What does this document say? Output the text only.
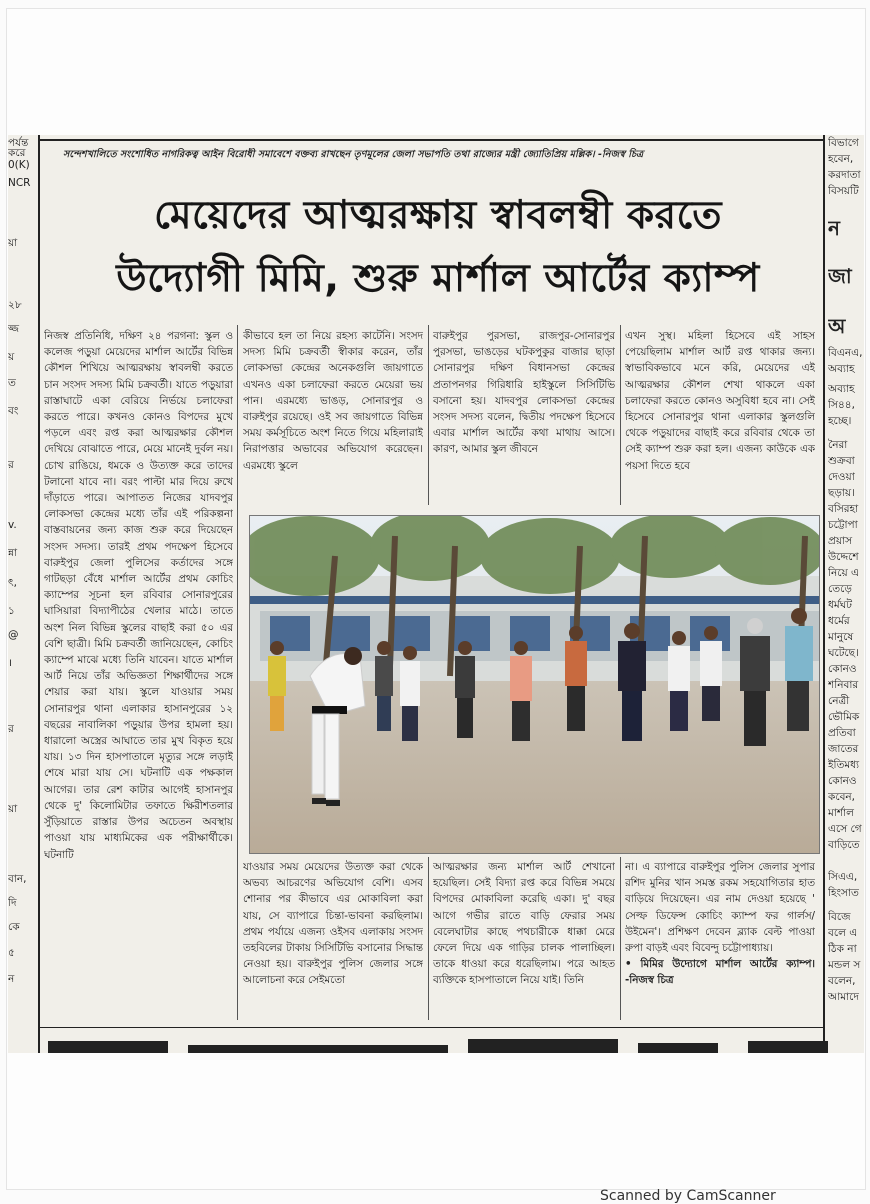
সন্দেশখালিতে সংশোধিত নাগরিকত্ব আইন বিরোধী সমাবেশে বক্তব্য রাখছেন তৃণমূলের জেলা সভাপতি তথা রাজ্যের মন্ত্রী জ্যোতিপ্রিয় মল্লিক। -নিজস্ব চিত্র
মেয়েদের আত্মরক্ষায় স্বাবলম্বী করতে
উদ্যোগী মিমি, শুরু মার্শাল আর্টের ক্যাম্প
পর্যন্ত
করে
0(K)
NCR
য়া
২৮
জ্জ
য়
ত
বং
র
v.
ন্না
ৎ,
১
@
।
র
য়া
বান,
দি
কে
৫
ন
বিভাগে
হবেন,
করদাতা
বিসয়টি
ন
জা
অ
বিএনএ,
অব্যাহ
অব্যাহ
সি৪৪,
হচ্ছে।
নৈরা
শুক্রবা
দেওয়া
ছড়ায়।
বসিরহা
চট্টোপা
প্রয়াস
উদ্দেশে
নিয়ে এ
তেড়ে
ধর্মঘট
ধর্মের
মানুষে
ঘটেছে।
কোনও
শনিবার
নেত্রী
ভৌমিক
প্রতিবা
জাতের
ইতিমধ্য
কোনও
কবেন,
মার্শাল
এসে গে
বাড়িতে
সিএএ,
হিংসাত
বিজে
বলে এ
ঠিক না
মন্ডল স
বলেন,
আমাদে

নিজস্ব প্রতিনিধি, দক্ষিণ ২৪ পরগনা: স্কুল ও কলেজ পড়ুয়া মেয়েদের মার্শাল আর্টের বিভিন্ন কৌশল শিখিয়ে আত্মরক্ষায় স্বাবলম্বী করতে চান সংসদ সদস্য মিমি চক্রবর্তী। যাতে পড়ুয়ারা রাস্তাঘাটে একা বেরিয়ে নির্ভয়ে চলাফেরা করতে পারে। কখনও কোনও বিপদের মুখে পড়লে এবং রপ্ত করা আত্মরক্ষার কৌশল দেখিয়ে বোঝাতে পারে, মেয়ে মানেই দুর্বল নয়। চোখ রাঙিয়ে, ধমকে ও উত্যক্ত করে তাদের টলানো যাবে না। বরং পাল্টা মার দিয়ে রুখে দাঁড়াতে পারে। আপাতত নিজের যাদবপুর লোকসভা কেন্দ্রের মধ্যে তাঁর এই পরিকল্পনা বাস্তবায়নের জন্য কাজ শুরু করে দিয়েছেন সংসদ সদস্য। তারই প্রথম পদক্ষেপ হিসেবে বারুইপুর জেলা পুলিসের কর্তাদের সঙ্গে গাটছড়া বেঁধে মার্শাল আর্টের প্রথম কোচিং ক্যাম্পের সূচনা হল রবিবার সোনারপুরের ঘাসিয়ারা বিদ্যাপীঠের খেলার মাঠে। তাতে অংশ নিল বিভিন্ন স্কুলের বাছাই করা ৫০ এর বেশি ছাত্রী। মিমি চক্রবর্তী জানিয়েছেন, কোচিং ক্যাম্পে মাঝে মধ্যে তিনি যাবেন। যাতে মার্শাল আর্ট নিয়ে তাঁর অভিজ্ঞতা শিক্ষার্থীদের সঙ্গে শেয়ার করা যায়। স্কুলে যাওয়ার সময় সোনারপুর থানা এলাকার হাসানপুরের ১২ বছরের নাবালিকা পড়ুয়ার উপর হামলা হয়। ধারালো অস্ত্রের আঘাতে তার মুখ বিকৃত হয়ে যায়। ১৩ দিন হাসপাতালে মৃত্যুর সঙ্গে লড়াই শেষে মারা যায় সে। ঘটনাটি এক পক্ষকাল আগের। তার রেশ কাটার আগেই হাসানপুর থেকে দু' কিলোমিটার তফাতে ক্ষিরীশতলার সুঁড়িয়াতে রাস্তার উপর অচেতন অবস্থায় পাওয়া যায় মাধ্যমিকের এক পরীক্ষার্থীকে। ঘটনাটি

কীভাবে হল তা নিয়ে রহস্য কাটেনি। সংসদ সদস্য মিমি চক্রবর্তী স্বীকার করেন, তাঁর লোকসভা কেন্দ্রের অনেকগুলি জায়গাতে এখনও একা চলাফেরা করতে মেয়েরা ভয় পান। এরমধ্যে ভাঙড়, সোনারপুর ও বারুইপুর রয়েছে। ওই সব জায়গাতে বিভিন্ন সময় কর্মসূচিতে অংশ নিতে গিয়ে মহিলারাই নিরাপত্তার অভাবের অভিযোগ করেছেন। এরমধ্যে স্কুলে

বারুইপুর পুরসভা, রাজপুর-সোনারপুর পুরসভা, ভাঙড়ের ঘটকপুকুর বাজার ছাড়া সোনারপুর দক্ষিণ বিধানসভা কেন্দ্রের প্রতাপনগর গিরিধারি হাইস্কুলে সিসিটিভি বসানো হয়। যাদবপুর লোকসভা কেন্দ্রের সংসদ সদস্য বলেন, দ্বিতীয় পদক্ষেপ হিসেবে এবার মার্শাল আর্টের কথা মাথায় আসে। কারণ, আমার স্কুল জীবনে

এখন সুস্থ। মহিলা হিসেবে এই সাহস পেয়েছিলাম মার্শাল আর্ট রপ্ত থাকার জন্য। স্বাভাবিকভাবে মনে করি, মেয়েদের এই আত্মরক্ষার কৌশল শেখা থাকলে একা চলাফেরা করতে কোনও অসুবিধা হবে না। সেই হিসেবে সোনারপুর থানা এলাকার স্কুলগুলি থেকে পড়ুয়াদের বাছাই করে রবিবার থেকে তা সেই ক্যাম্প শুরু করা হল। এজন্য কাউকে এক পয়সা দিতে হবে

যাওয়ার সময় মেয়েদের উত্যক্ত করা থেকে অভব্য আচরণের অভিযোগ বেশি। এসব শোনার পর কীভাবে এর মোকাবিলা করা যায়, সে ব্যাপারে চিন্তা-ভাবনা করছিলাম। প্রথম পর্যায়ে এজন্য ওইসব এলাকায় সংসদ তহবিলের টাকায় সিসিটিভি বসানোর সিদ্ধান্ত নেওয়া হয়। বারুইপুর পুলিস জেলার সঙ্গে আলোচনা করে সেইমতো

আত্মরক্ষার জন্য মার্শাল আর্ট শেখানো হয়েছিল। সেই বিদ্যা রপ্ত করে বিভিন্ন সময়ে বিপদের মোকাবিলা করেছি একা। দু' বছর আগে গভীর রাতে বাড়ি ফেরার সময় বেলেঘাটার কাছে পথচারীকে ধাক্কা মেরে ফেলে দিয়ে এক গাড়ির চালক পালাচ্ছিল। তাকে ধাওয়া করে ধরেছিলাম। পরে আহত ব্যক্তিকে হাসপাতালে নিয়ে যাই। তিনি

না। এ ব্যাপারে বারুইপুর পুলিস জেলার সুপার রশিদ মুনির খান সমস্ত রকম সহযোগিতার হাত বাড়িয়ে দিয়েছেন। এর নাম দেওয়া হয়েছে ' সেল্ফ ডিফেন্স কোচিং ক্যাম্প ফর গার্লস/ উইমেন'। প্রশিক্ষণ দেবেন ব্ল্যাক বেল্ট পাওয়া রুপা বাড়ই এবং বিবেন্দু চট্টোপাধ্যায়।

• মিমির উদ্যোগে মার্শাল আর্টের ক্যাম্প। -নিজস্ব চিত্র

Scanned by CamScanner
